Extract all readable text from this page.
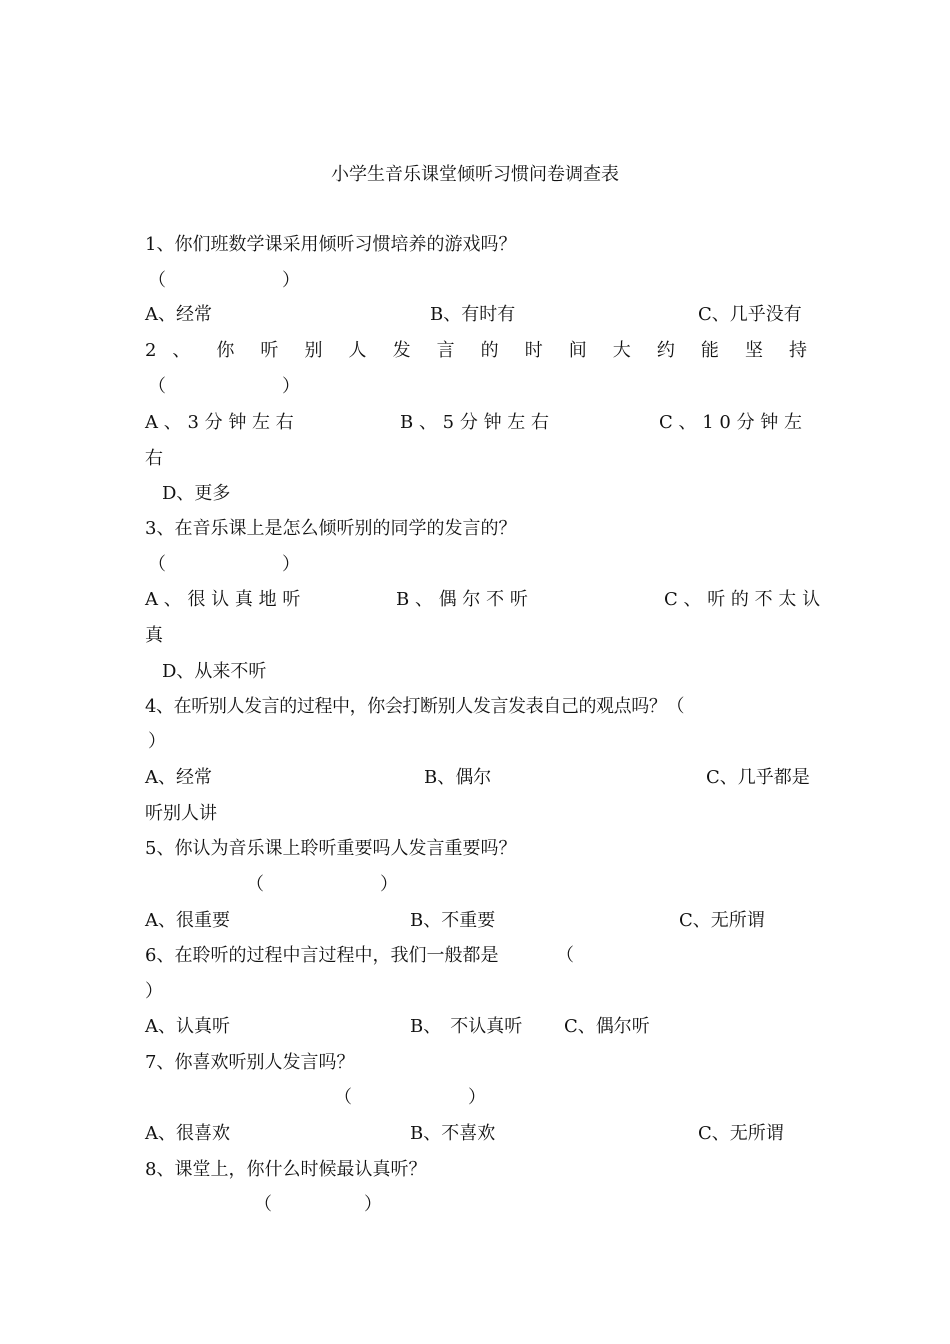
小学生音乐课堂倾听习惯问卷调查表
1、你们班数学课采用倾听习惯培养的游戏吗？
（	）
A、经常	B、有时有	C、几乎没有
2 、 你 听 别 人 发 言 的 时 间 大 约 能 坚 持
（	）
A 、 3 分 钟 左 右	B 、 5 分 钟 左 右	C 、 1 0 分 钟 左
右
D、更多
3、在音乐课上是怎么倾听别的同学的发言的？
（	）
A 、 很 认 真 地 听	B 、 偶 尔 不 听	C 、 听 的 不 太 认
真
D、从来不听
4、在听别人发言的过程中，你会打断别人发言发表自己的观点吗？（
）
A、经常	B、偶尔	C、几乎都是
听别人讲
5、你认为音乐课上聆听重要吗人发言重要吗？
（	）
A、很重要	B、不重要	C、无所谓
6、在聆听的过程中言过程中，我们一般都是	（
）
A、认真听	B、　不认真听 C、偶尔听
7、你喜欢听别人发言吗？
（	）
A、很喜欢	B、不喜欢	C、无所谓
8、课堂上，你什么时候最认真听？
（	）
